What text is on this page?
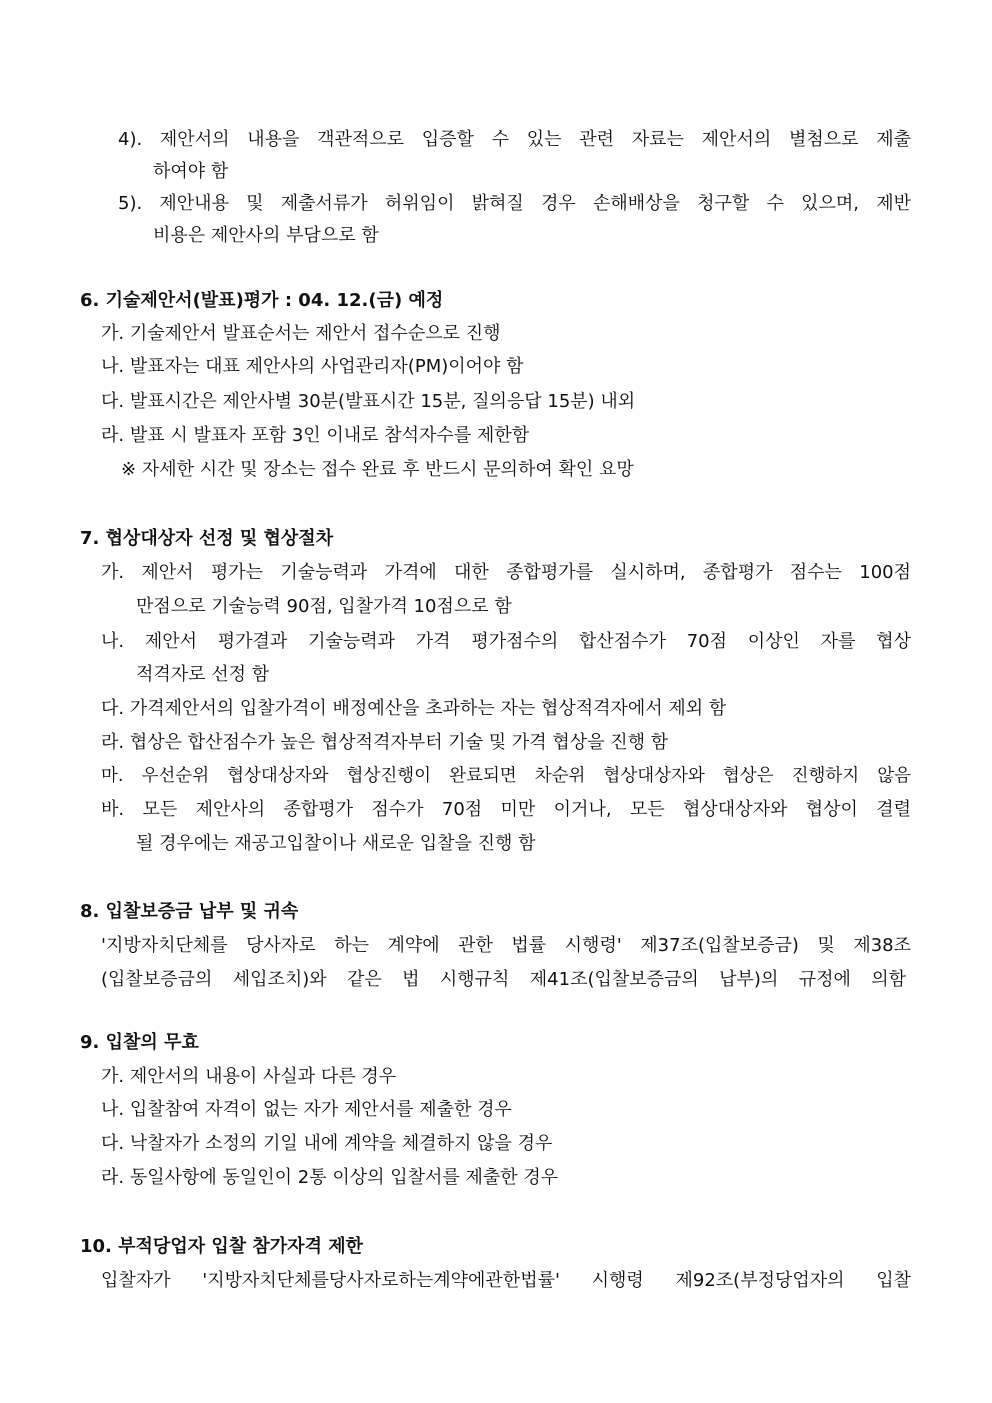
4). 제안서의 내용을 객관적으로 입증할 수 있는 관련 자료는 제안서의 별첨으로 제출
하여야 함
5). 제안내용 및 제출서류가 허위임이 밝혀질 경우 손해배상을 청구할 수 있으며, 제반
비용은 제안사의 부담으로 함
6. 기술제안서(발표)평가 : 04. 12.(금) 예정
가. 기술제안서 발표순서는 제안서 접수순으로 진행
나. 발표자는 대표 제안사의 사업관리자(PM)이어야 함
다. 발표시간은 제안사별 30분(발표시간 15분, 질의응답 15분) 내외
라. 발표 시 발표자 포함 3인 이내로 참석자수를 제한함
※ 자세한 시간 및 장소는 접수 완료 후 반드시 문의하여 확인 요망
7. 협상대상자 선정 및 협상절차
가. 제안서 평가는 기술능력과 가격에 대한 종합평가를 실시하며, 종합평가 점수는 100점
만점으로 기술능력 90점, 입찰가격 10점으로 함
나. 제안서 평가결과 기술능력과 가격 평가점수의 합산점수가 70점 이상인 자를 협상
적격자로 선정 함
다. 가격제안서의 입찰가격이 배정예산을 초과하는 자는 협상적격자에서 제외 함
라. 협상은 합산점수가 높은 협상적격자부터 기술 및 가격 협상을 진행 함
마. 우선순위 협상대상자와 협상진행이 완료되면 차순위 협상대상자와 협상은 진행하지 않음
바. 모든 제안사의 종합평가 점수가 70점 미만 이거나, 모든 협상대상자와 협상이 결렬
될 경우에는 재공고입찰이나 새로운 입찰을 진행 함
8. 입찰보증금 납부 및 귀속
'지방자치단체를 당사자로 하는 계약에 관한 법률 시행령' 제37조(입찰보증금) 및 제38조
(입찰보증금의 세입조치)와 같은 법 시행규칙 제41조(입찰보증금의 납부)의 규정에 의함
9. 입찰의 무효
가. 제안서의 내용이 사실과 다른 경우
나. 입찰참여 자격이 없는 자가 제안서를 제출한 경우
다. 낙찰자가 소정의 기일 내에 계약을 체결하지 않을 경우
라. 동일사항에 동일인이 2통 이상의 입찰서를 제출한 경우
10. 부적당업자 입찰 참가자격 제한
입찰자가 '지방자치단체를당사자로하는계약에관한법률' 시행령 제92조(부정당업자의 입찰
